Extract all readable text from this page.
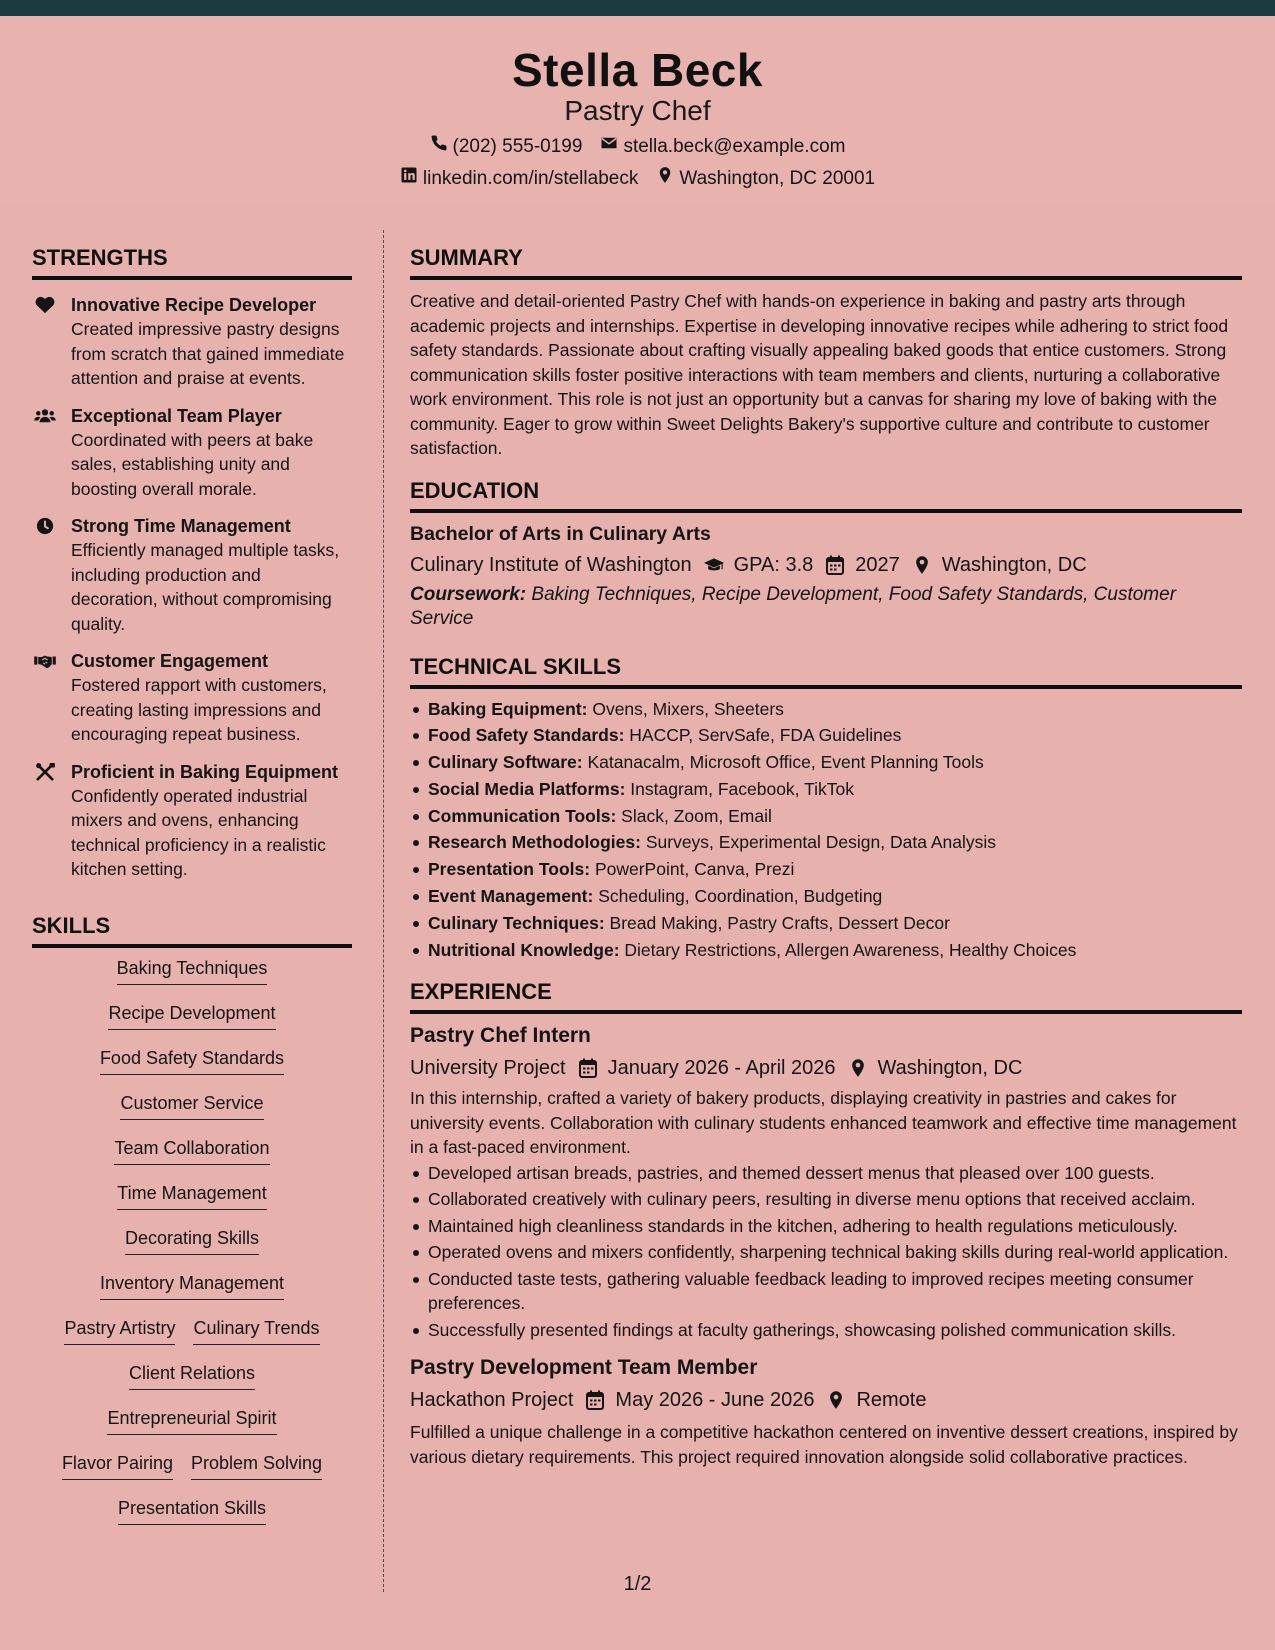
Stella Beck
Pastry Chef
(202) 555-0199 stella.beck@example.com
linkedin.com/in/stellabeck Washington, DC 20001
STRENGTHS
Innovative Recipe Developer
Created impressive pastry designs from scratch that gained immediate attention and praise at events.
Exceptional Team Player
Coordinated with peers at bake sales, establishing unity and boosting overall morale.
Strong Time Management
Efficiently managed multiple tasks, including production and decoration, without compromising quality.
Customer Engagement
Fostered rapport with customers, creating lasting impressions and encouraging repeat business.
Proficient in Baking Equipment
Confidently operated industrial mixers and ovens, enhancing technical proficiency in a realistic kitchen setting.
SKILLS
Baking Techniques
Recipe Development
Food Safety Standards
Customer Service
Team Collaboration
Time Management
Decorating Skills
Inventory Management
Pastry Artistry Culinary Trends
Client Relations
Entrepreneurial Spirit
Flavor Pairing Problem Solving
Presentation Skills
SUMMARY
Creative and detail-oriented Pastry Chef with hands-on experience in baking and pastry arts through academic projects and internships. Expertise in developing innovative recipes while adhering to strict food safety standards. Passionate about crafting visually appealing baked goods that entice customers. Strong communication skills foster positive interactions with team members and clients, nurturing a collaborative work environment. This role is not just an opportunity but a canvas for sharing my love of baking with the community. Eager to grow within Sweet Delights Bakery's supportive culture and contribute to customer satisfaction.
EDUCATION
Bachelor of Arts in Culinary Arts
Culinary Institute of Washington GPA: 3.8 2027 Washington, DC
Coursework: Baking Techniques, Recipe Development, Food Safety Standards, Customer Service
TECHNICAL SKILLS
Baking Equipment: Ovens, Mixers, Sheeters
Food Safety Standards: HACCP, ServSafe, FDA Guidelines
Culinary Software: Katanacalm, Microsoft Office, Event Planning Tools
Social Media Platforms: Instagram, Facebook, TikTok
Communication Tools: Slack, Zoom, Email
Research Methodologies: Surveys, Experimental Design, Data Analysis
Presentation Tools: PowerPoint, Canva, Prezi
Event Management: Scheduling, Coordination, Budgeting
Culinary Techniques: Bread Making, Pastry Crafts, Dessert Decor
Nutritional Knowledge: Dietary Restrictions, Allergen Awareness, Healthy Choices
EXPERIENCE
Pastry Chef Intern
University Project January 2026 - April 2026 Washington, DC
In this internship, crafted a variety of bakery products, displaying creativity in pastries and cakes for university events. Collaboration with culinary students enhanced teamwork and effective time management in a fast-paced environment.
Developed artisan breads, pastries, and themed dessert menus that pleased over 100 guests.
Collaborated creatively with culinary peers, resulting in diverse menu options that received acclaim.
Maintained high cleanliness standards in the kitchen, adhering to health regulations meticulously.
Operated ovens and mixers confidently, sharpening technical baking skills during real-world application.
Conducted taste tests, gathering valuable feedback leading to improved recipes meeting consumer preferences.
Successfully presented findings at faculty gatherings, showcasing polished communication skills.
Pastry Development Team Member
Hackathon Project May 2026 - June 2026 Remote
Fulfilled a unique challenge in a competitive hackathon centered on inventive dessert creations, inspired by various dietary requirements. This project required innovation alongside solid collaborative practices.
1/2
